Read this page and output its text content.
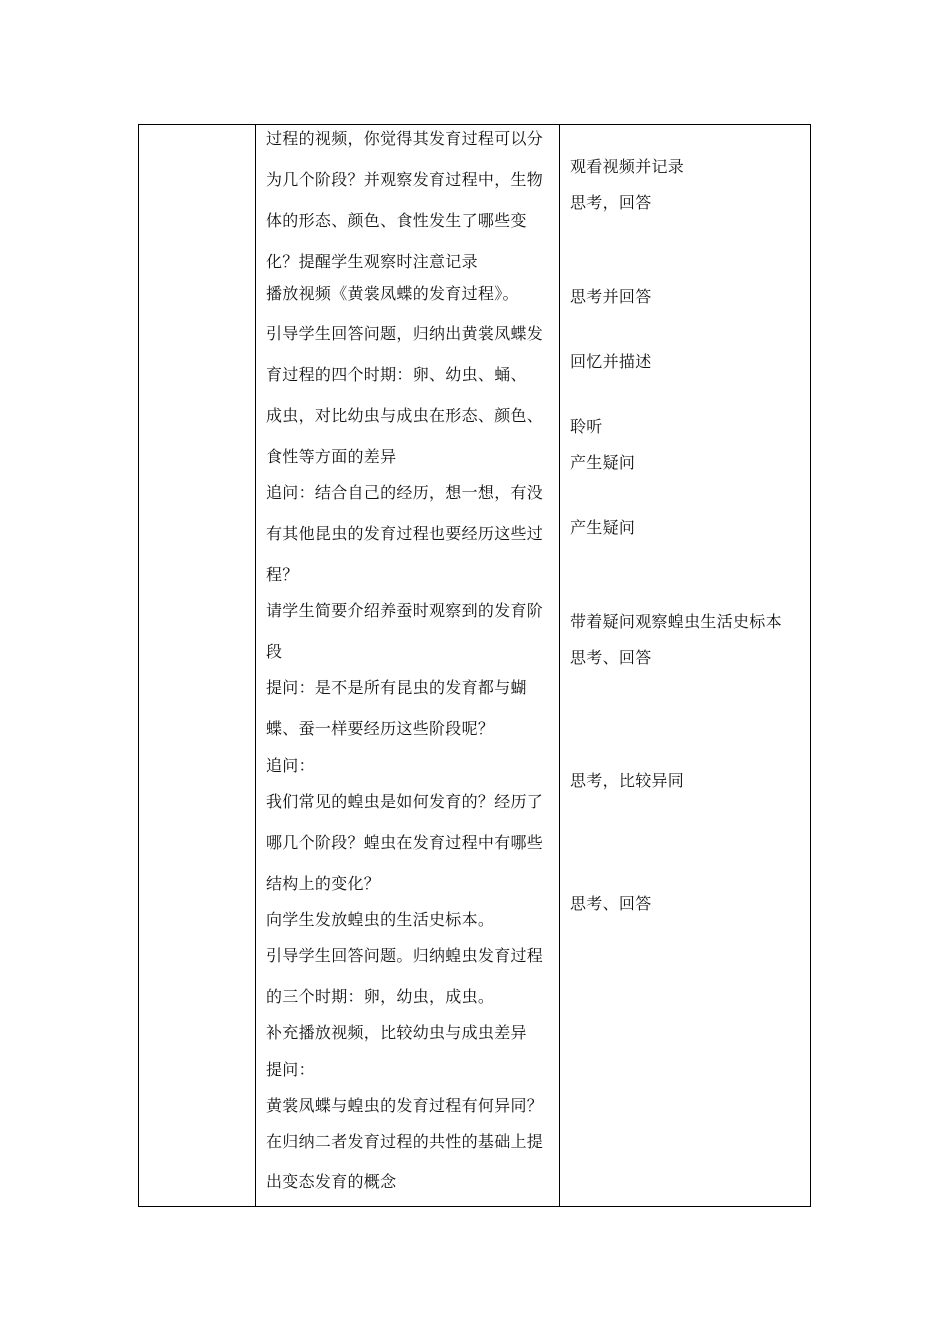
过程的视频，你觉得其发育过程可以分
为几个阶段？并观察发育过程中，生物
体的形态、颜色、食性发生了哪些变
化？提醒学生观察时注意记录
播放视频《黄裳凤蝶的发育过程》。
引导学生回答问题，归纳出黄裳凤蝶发
育过程的四个时期：卵、幼虫、蛹、
成虫，对比幼虫与成虫在形态、颜色、
食性等方面的差异
追问：结合自己的经历，想一想，有没
有其他昆虫的发育过程也要经历这些过
程？
请学生简要介绍养蚕时观察到的发育阶
段
提问：是不是所有昆虫的发育都与蝴
蝶、蚕一样要经历这些阶段呢？
追问：
我们常见的蝗虫是如何发育的？经历了
哪几个阶段？蝗虫在发育过程中有哪些
结构上的变化？
向学生发放蝗虫的生活史标本。
引导学生回答问题。归纳蝗虫发育过程
的三个时期：卵，幼虫，成虫。
补充播放视频，比较幼虫与成虫差异
提问：
黄裳凤蝶与蝗虫的发育过程有何异同？
在归纳二者发育过程的共性的基础上提
出变态发育的概念
观看视频并记录
思考，回答
思考并回答
回忆并描述
聆听
产生疑问
产生疑问
带着疑问观察蝗虫生活史标本
思考、回答
思考，比较异同
思考、回答
